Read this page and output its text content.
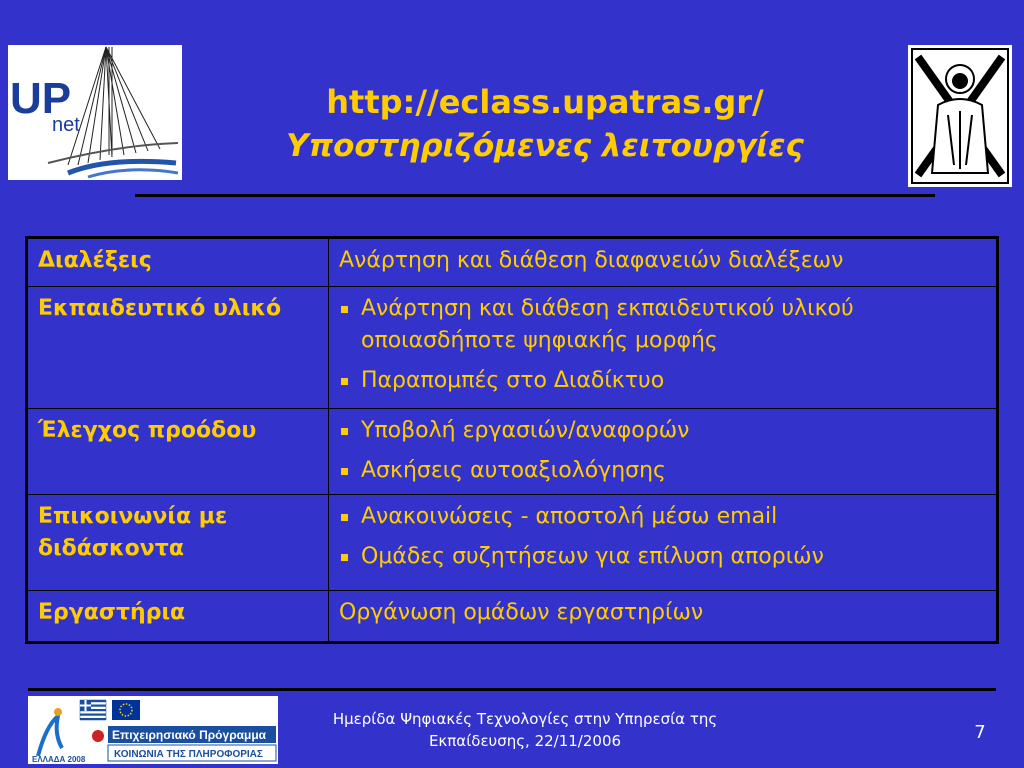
UP
net
http://eclass.upatras.gr/
Υποστηριζόμενες λειτουργίες
Διαλέξεις	Ανάρτηση και διάθεση διαφανειών διαλέξεων
Εκπαιδευτικό υλικό	Ανάρτηση και διάθεση εκπαιδευτικού υλικού οποιασδήποτε ψηφιακής μορφής
Παραπομπές στο Διαδίκτυο

Έλεγχος προόδου	Υποβολή εργασιών/αναφορών
Ασκήσεις αυτοαξιολόγησης

Επικοινωνία με διδάσκοντα	Ανακοινώσεις - αποστολή μέσω email
Ομάδες συζητήσεων για επίλυση αποριών

Εργαστήρια	Οργάνωση ομάδων εργαστηρίων
Επιχειρησιακό Πρόγραμμα
ΚΟΙΝΩΝΙΑ ΤΗΣ ΠΛΗΡΟΦΟΡΙΑΣ
ΕΛΛΑΔΑ 2008
Ημερίδα Ψηφιακές Τεχνολογίες στην Υπηρεσία της
Εκπαίδευσης, 22/11/2006	7
